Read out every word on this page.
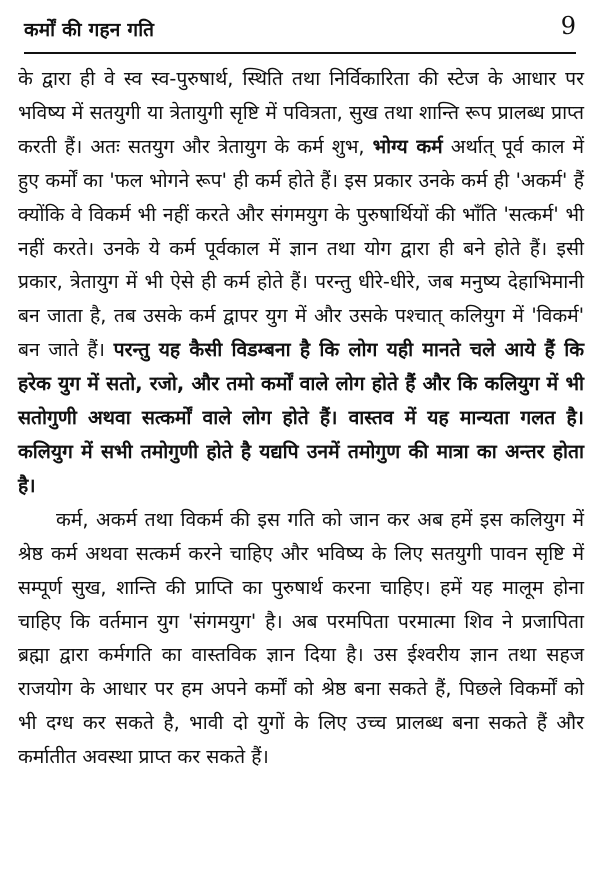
कर्मों की गहन गति	9

के द्वारा ही वे स्व स्व-पुरुषार्थ, स्थिति तथा निर्विकारिता की स्टेज के आधार पर भविष्य में सतयुगी या त्रेतायुगी सृष्टि में पवित्रता, सुख तथा शान्ति रूप प्रालब्ध प्राप्त करती हैं। अतः सतयुग और त्रेतायुग के कर्म शुभ, भोग्य कर्म अर्थात् पूर्व काल में हुए कर्मों का 'फल भोगने रूप' ही कर्म होते हैं। इस प्रकार उनके कर्म ही 'अकर्म' हैं क्योंकि वे विकर्म भी नहीं करते और संगमयुग के पुरुषार्थियों की भाँति 'सत्कर्म' भी नहीं करते। उनके ये कर्म पूर्वकाल में ज्ञान तथा योग द्वारा ही बने होते हैं। इसी प्रकार, त्रेतायुग में भी ऐसे ही कर्म होते हैं। परन्तु धीरे-धीरे, जब मनुष्य देहाभिमानी बन जाता है, तब उसके कर्म द्वापर युग में और उसके पश्चात् कलियुग में 'विकर्म' बन जाते हैं। परन्तु यह कैसी विडम्बना है कि लोग यही मानते चले आये हैं कि हरेक युग में सतो, रजो, और तमो कर्मों वाले लोग होते हैं और कि कलियुग में भी सतोगुणी अथवा सत्कर्मों वाले लोग होते हैं। वास्तव में यह मान्यता गलत है। कलियुग में सभी तमोगुणी होते है यद्यपि उनमें तमोगुण की मात्रा का अन्तर होता है।

कर्म, अकर्म तथा विकर्म की इस गति को जान कर अब हमें इस कलियुग में श्रेष्ठ कर्म अथवा सत्कर्म करने चाहिए और भविष्य के लिए सतयुगी पावन सृष्टि में सम्पूर्ण सुख, शान्ति की प्राप्ति का पुरुषार्थ करना चाहिए। हमें यह मालूम होना चाहिए कि वर्तमान युग 'संगमयुग' है। अब परमपिता परमात्मा शिव ने प्रजापिता ब्रह्मा द्वारा कर्मगति का वास्तविक ज्ञान दिया है। उस ईश्वरीय ज्ञान तथा सहज राजयोग के आधार पर हम अपने कर्मों को श्रेष्ठ बना सकते हैं, पिछले विकर्मों को भी दग्ध कर सकते है, भावी दो युगों के लिए उच्च प्रालब्ध बना सकते हैं और कर्मातीत अवस्था प्राप्त कर सकते हैं।
